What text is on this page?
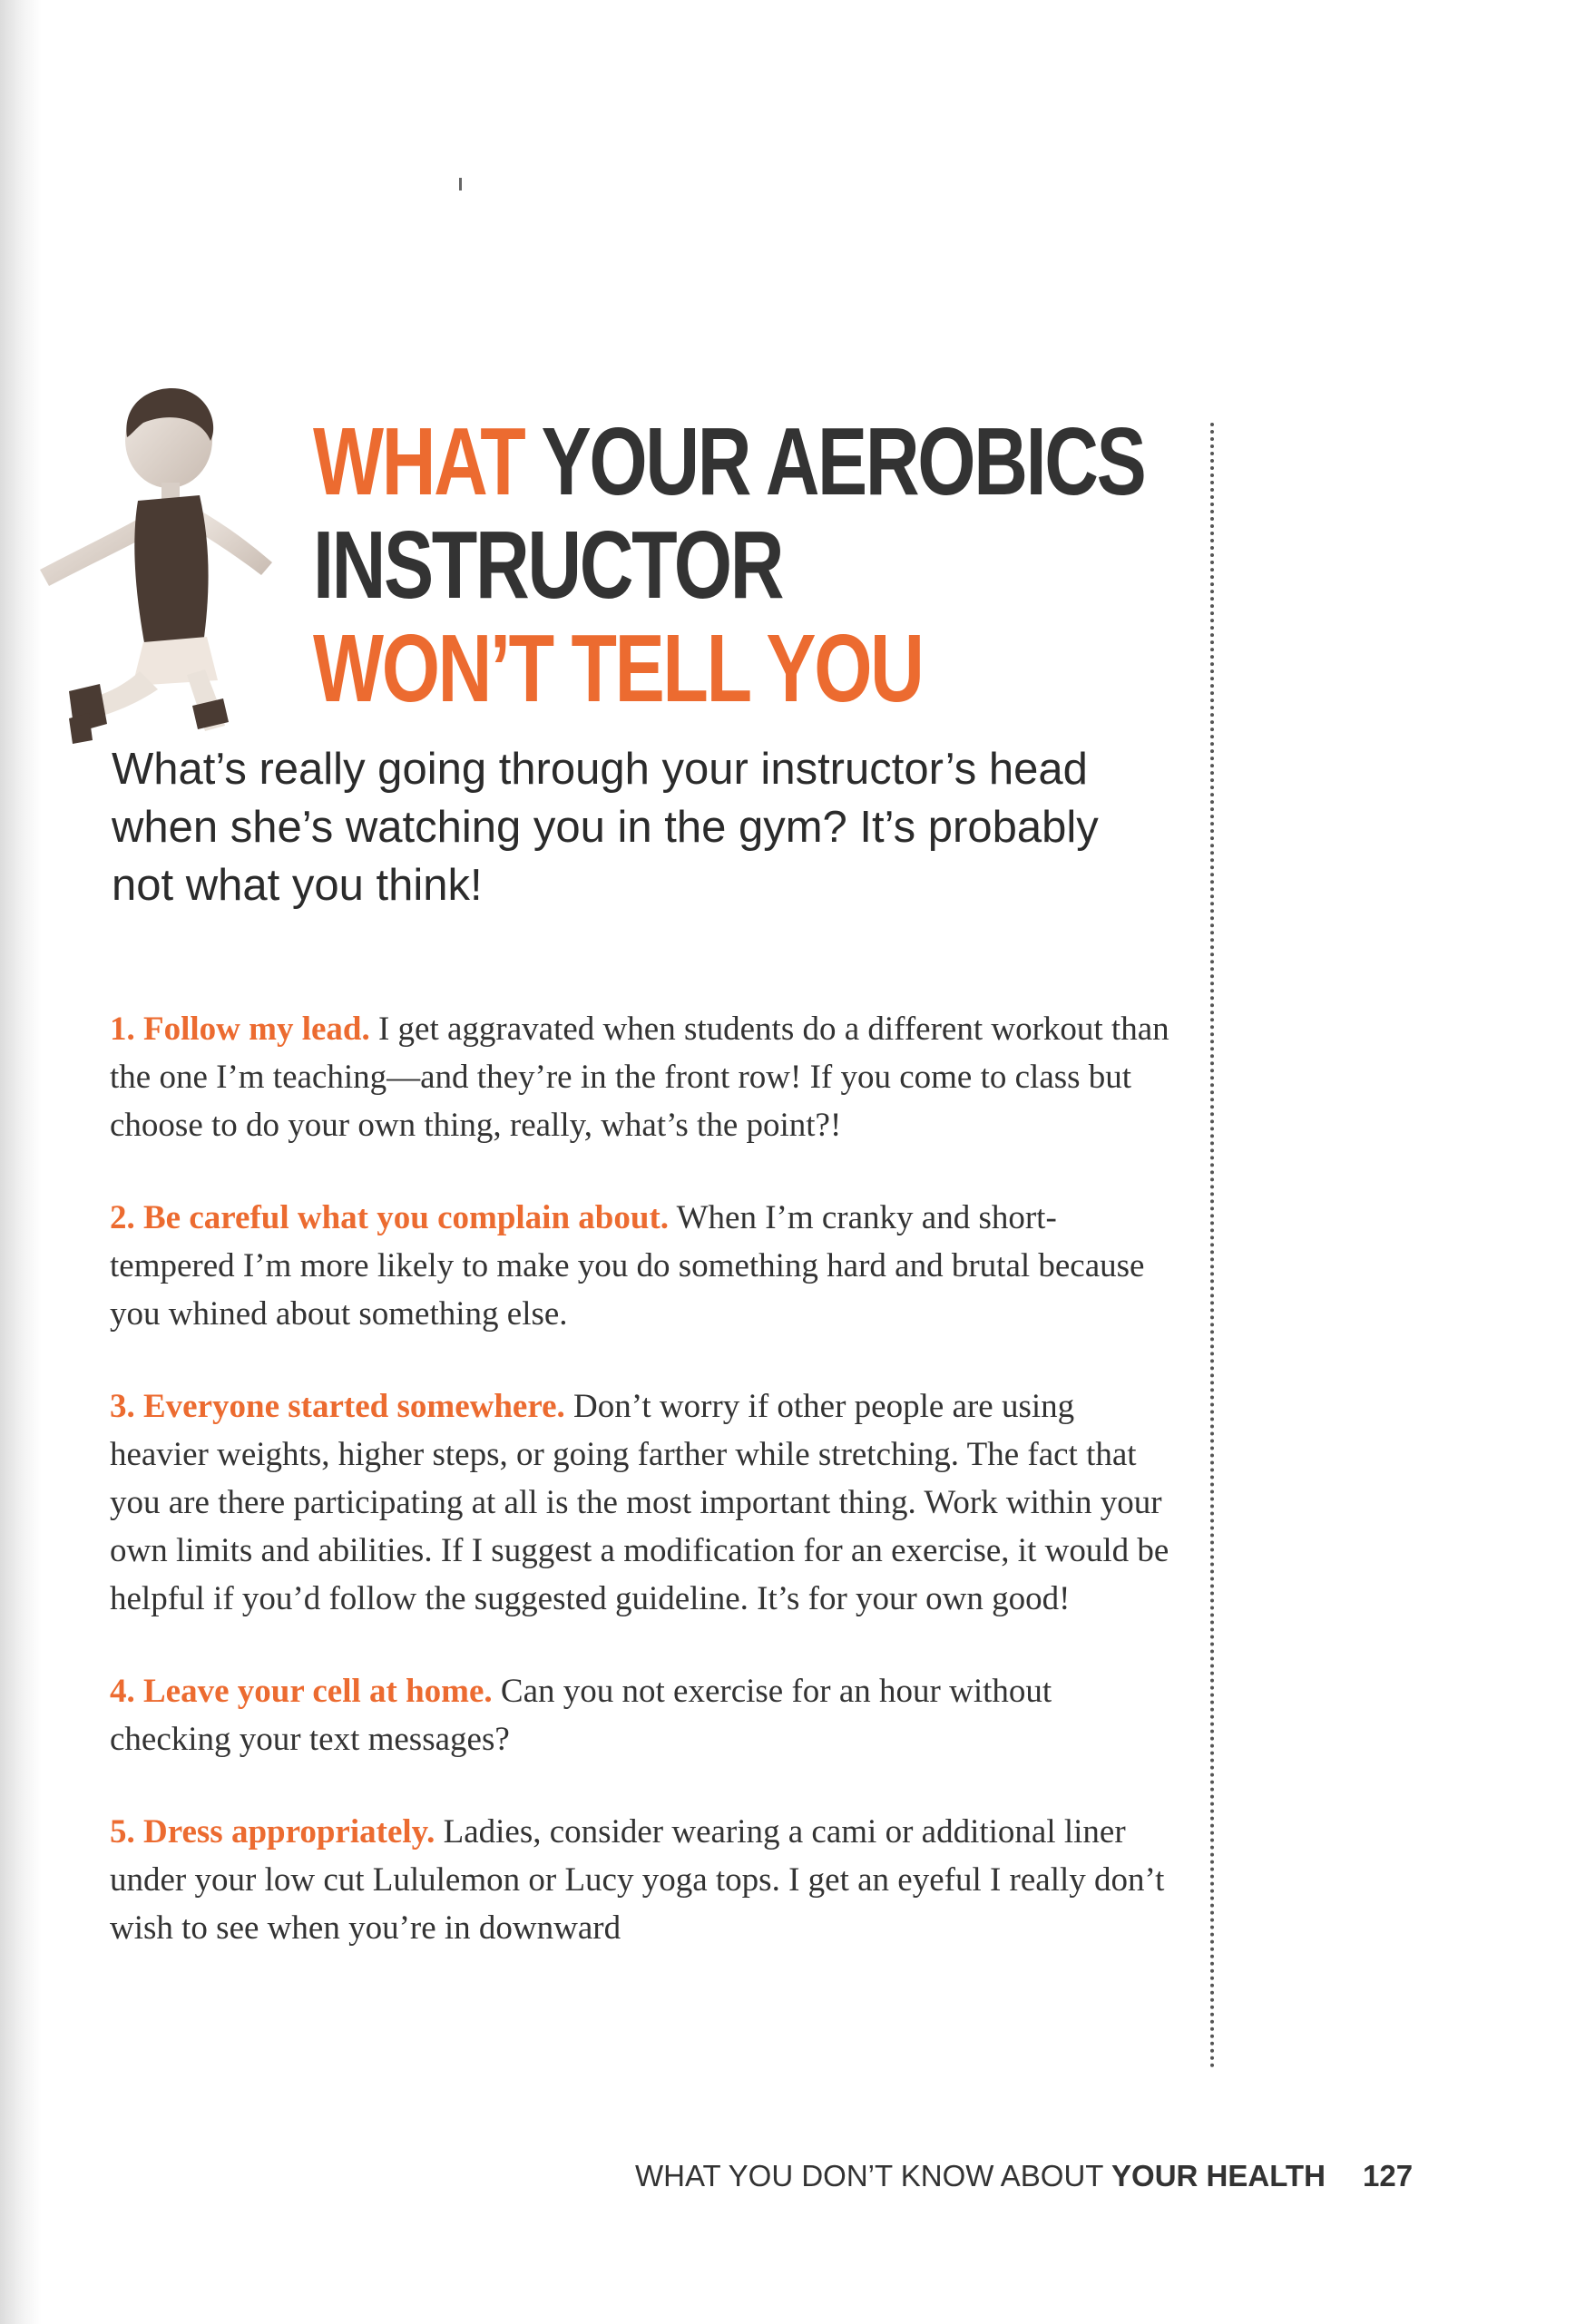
WHAT YOUR AEROBICS
INSTRUCTOR
WON’T TELL YOU

What’s really going through your instructor’s head when she’s watching you in the gym? It’s probably not what you think!

1. Follow my lead. I get aggravated when students do a different workout than the one I’m teaching—and they’re in the front row! If you come to class but choose to do your own thing, really, what’s the point?!

2. Be careful what you complain about. When I’m cranky and short-tempered I’m more likely to make you do something hard and brutal because you whined about something else.

3. Everyone started somewhere. Don’t worry if other people are using heavier weights, higher steps, or going farther while stretching. The fact that you are there participating at all is the most important thing. Work within your own limits and abilities. If I suggest a modification for an exercise, it would be helpful if you’d follow the suggested guideline. It’s for your own good!

4. Leave your cell at home. Can you not exercise for an hour without checking your text messages?

5. Dress appropriately. Ladies, consider wearing a cami or additional liner under your low cut Lululemon or Lucy yoga tops. I get an eyeful I really don’t wish to see when you’re in downward

WHAT YOU DON’T KNOW ABOUT YOUR HEALTH 127
